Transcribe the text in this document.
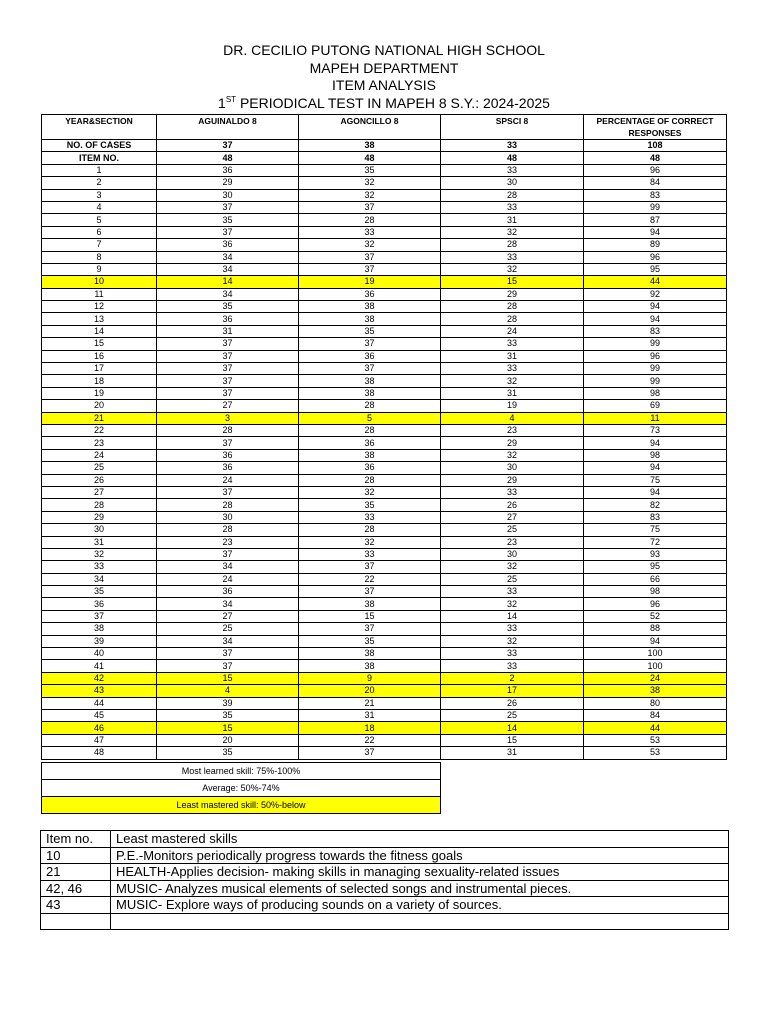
DR. CECILIO PUTONG NATIONAL HIGH SCHOOL
MAPEH DEPARTMENT
ITEM ANALYSIS
1ST PERIODICAL TEST IN MAPEH 8 S.Y.: 2024-2025
YEAR&SECTION	AGUINALDO 8	AGONCILLO 8	SPSCI 8	PERCENTAGE OF CORRECT RESPONSES
NO. OF CASES	37	38	33	108
ITEM NO.	48	48	48	48
1	36	35	33	96
2	29	32	30	84
3	30	32	28	83
4	37	37	33	99
5	35	28	31	87
6	37	33	32	94
7	36	32	28	89
8	34	37	33	96
9	34	37	32	95
10	14	19	15	44
11	34	36	29	92
12	35	38	28	94
13	36	38	28	94
14	31	35	24	83
15	37	37	33	99
16	37	36	31	96
17	37	37	33	99
18	37	38	32	99
19	37	38	31	98
20	27	28	19	69
21	3	5	4	11
22	28	28	23	73
23	37	36	29	94
24	36	38	32	98
25	36	36	30	94
26	24	28	29	75
27	37	32	33	94
28	28	35	26	82
29	30	33	27	83
30	28	28	25	75
31	23	32	23	72
32	37	33	30	93
33	34	37	32	95
34	24	22	25	66
35	36	37	33	98
36	34	38	32	96
37	27	15	14	52
38	25	37	33	88
39	34	35	32	94
40	37	38	33	100
41	37	38	33	100
42	15	9	2	24
43	4	20	17	38
44	39	21	26	80
45	35	31	25	84
46	15	18	14	44
47	20	22	15	53
48	35	37	31	53
Most learned skill: 75%-100%
Average: 50%-74%
Least mastered skill: 50%-below
Item no.	Least mastered skills
10	P.E.-Monitors periodically progress towards the fitness goals
21	HEALTH-Applies decision- making skills in managing sexuality-related issues
42, 46	MUSIC- Analyzes musical elements of selected songs and instrumental pieces.
43	MUSIC- Explore ways of producing sounds on a variety of sources.
